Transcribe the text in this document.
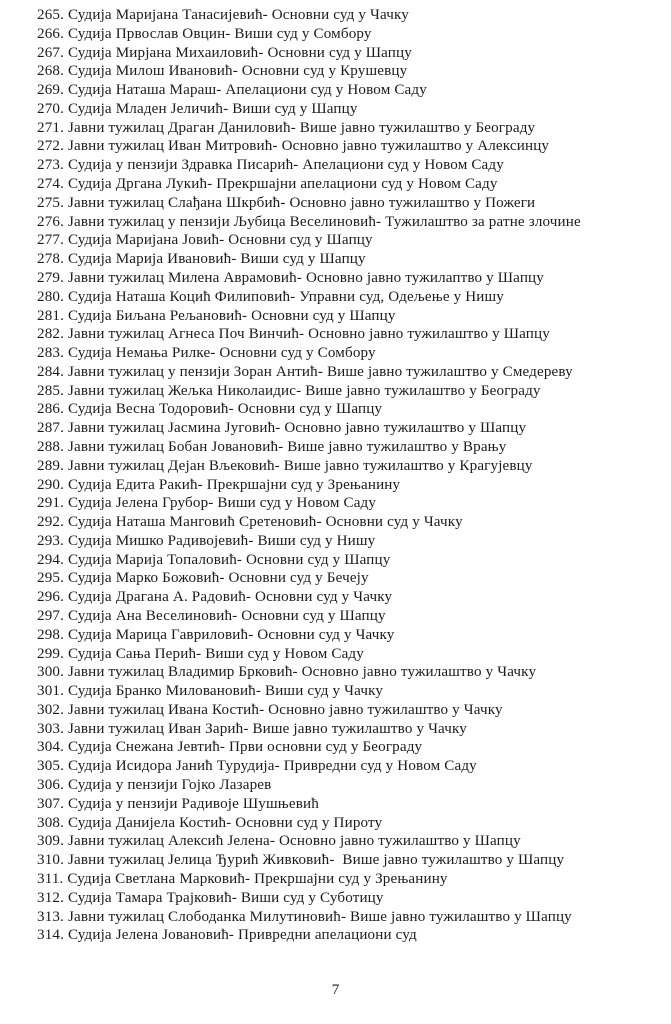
265. Судија Маријана Танасијевић- Основни суд у Чачку
266. Судија Првослав Овцин- Виши суд у Сомбору
267. Судија Мирјана Михаиловић- Основни суд у Шапцу
268. Судија Милош Ивановић- Основни суд у Крушевцу
269. Судија Наташа Мараш- Апелациони суд у Новом Саду
270. Судија Младен Јеличић- Виши суд у Шапцу
271. Јавни тужилац Драган Даниловић- Више јавно тужилаштво у Београду
272. Јавни тужилац Иван Митровић- Основно јавно тужилаштво у Алексинцу
273. Судија у пензији Здравка Писарић- Апелациони суд у Новом Саду
274. Судија Дргана Лукић- Прекршајни апелациони суд у Новом Саду
275. Јавни тужилац Слађана Шкрбић- Основно јавно тужилаштво у Пожеги
276. Јавни тужилац у пензији Љубица Веселиновић- Тужилаштво за ратне злочине
277. Судија Маријана Јовић- Основни суд у Шапцу
278. Судија Марија Ивановић- Виши суд у Шапцу
279. Јавни тужилац Милена Аврамовић- Основно јавно тужилаптво у Шапцу
280. Судија Наташа Коцић Филиповић- Управни суд, Одељење у Нишу
281. Судија Биљана Рељановић- Основни суд у Шапцу
282. Јавни тужилац Агнеса Поч Винчић- Основно јавно тужилаштво у Шапцу
283. Судија Немања Рилке- Основни суд у Сомбору
284. Јавни тужилац у пензији Зоран Антић- Више јавно тужилаштво у Смедереву
285. Јавни тужилац Жељка Николаидис- Више јавно тужилаштво у Београду
286. Судија Весна Тодоровић- Основни суд у Шапцу
287. Јавни тужилац Јасмина Југовић- Основно јавно тужилаштво у Шапцу
288. Јавни тужилац Бобан Јовановић- Више јавно тужилаштво у Врању
289. Јавни тужилац Дејан Вљековић- Више јавно тужилаштво у Крагујевцу
290. Судија Едита Ракић- Прекршајни суд у Зрењанину
291. Судија Јелена Грубор- Виши суд у Новом Саду
292. Судија Наташа Манговић Сретеновић- Основни суд у Чачку
293. Судија Мишко Радивојевић- Виши суд у Нишу
294. Судија Марија Топаловић- Основни суд у Шапцу
295. Судија Марко Божовић- Основни суд у Бечеју
296. Судија Драгана А. Радовић- Основни суд у Чачку
297. Судија Ана Веселиновић- Основни суд у Шапцу
298. Судија Марица Гавриловић- Основни суд у Чачку
299. Судија Сања Перић- Виши суд у Новом Саду
300. Јавни тужилац Владимир Брковић- Основно јавно тужилаштво у Чачку
301. Судија Бранко Миловановић- Виши суд у Чачку
302. Јавни тужилац Ивана Костић- Основно јавно тужилаштво у Чачку
303. Јавни тужилац Иван Зарић- Више јавно тужилаштво у Чачку
304. Судија Снежана Јевтић- Први основни суд у Београду
305. Судија Исидора Јанић Турудија- Привредни суд у Новом Саду
306. Судија у пензији Гојко Лазарев
307. Судија у пензији Радивоје Шушњевић
308. Судија Данијела Костић- Основни суд у Пироту
309. Јавни тужилац Алексић Јелена- Основно јавно тужилаштво у Шапцу
310. Јавни тужилац Јелица Ђурић Живковић-  Више јавно тужилаштво у Шапцу
311. Судија Светлана Марковић- Прекршајни суд у Зрењанину
312. Судија Тамара Трајковић- Виши суд у Суботицу
313. Јавни тужилац Слободанка Милутиновић- Више јавно тужилаштво у Шапцу
314. Судија Јелена Јовановић- Привредни апелациони суд
7
